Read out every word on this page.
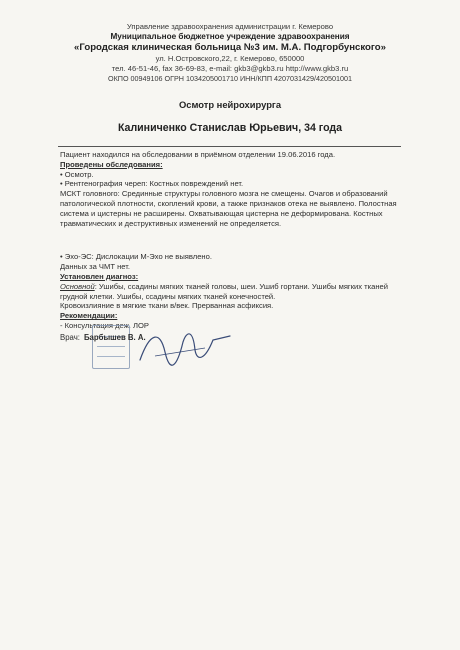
Управление здравоохранения администрации г. Кемерово
Муниципальное бюджетное учреждение здравоохранения
«Городская клиническая больница №3 им. М.А. Подгорбунского»
ул. Н.Островского,22, г. Кемерово, 650000
тел. 46-51-46, fax 36-69-83, e-mail: gkb3@gkb3.ru http://www.gkb3.ru
ОКПО 00949106 ОГРН 1034205001710 ИНН/КПП 4207031429/420501001
Осмотр нейрохирурга
Калиниченко Станислав Юрьевич, 34 года

Пациент находился на обследовании в приёмном отделении 19.06.2016 года.

Проведены обследования:

• Осмотр.

• Рентгенография черeп: Костных повреждений нет.

МСКТ головного: Срединные структуры головного мозга не смещены. Очагов и образований патологической плотности, скоплений крови, а также признаков отека не выявлено. Полостная система и цистерны не расширены. Охватывающая цистерна не деформирована. Костных травматических и деструктивных изменений не определяется.

• Эхо-ЭС: Дислокации М-Эхо не выявлено.

Данных за ЧМТ нет.

Установлен диагноз:

Основной: Ушибы, ссадины мягких тканей головы, шеи. Ушиб гортани. Ушибы мягких тканей грудной клетки. Ушибы, ссадины мягких тканей конечностей.

Кровоизлияние в мягкие ткани в/век. Прерванная асфиксия.

Рекомендации:

- Консультация деж. ЛОР

Врач: Барбышев В. А.
